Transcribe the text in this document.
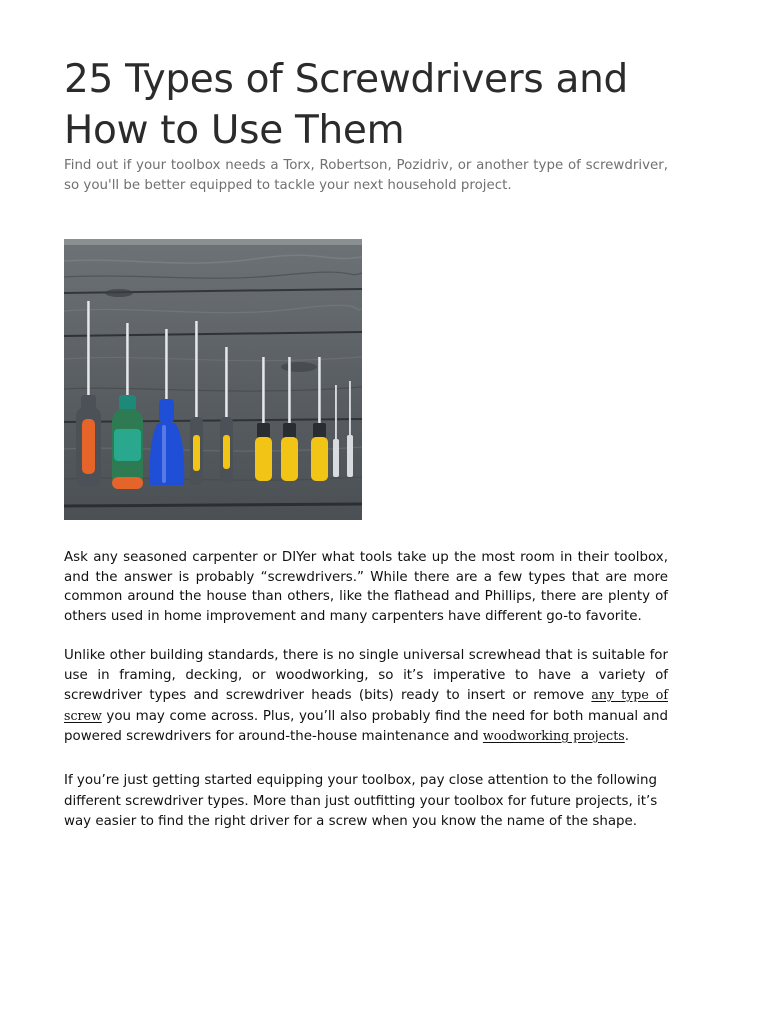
25 Types of Screwdrivers and How to Use Them

Find out if your toolbox needs a Torx, Robertson, Pozidriv, or another type of screwdriver, so you'll be better equipped to tackle your next household project.

Ask any seasoned carpenter or DIYer what tools take up the most room in their toolbox, and the answer is probably “screwdrivers.” While there are a few types that are more common around the house than others, like the flathead and Phillips, there are plenty of others used in home improvement and many carpenters have different go-to favorite.

Unlike other building standards, there is no single universal screwhead that is suitable for use in framing, decking, or woodworking, so it’s imperative to have a variety of screwdriver types and screwdriver heads (bits) ready to insert or remove any type of screw you may come across. Plus, you’ll also probably find the need for both manual and powered screwdrivers for around-the-house maintenance and woodworking projects.

If you’re just getting started equipping your toolbox, pay close attention to the following different screwdriver types. More than just outfitting your toolbox for future projects, it’s way easier to find the right driver for a screw when you know the name of the shape.
